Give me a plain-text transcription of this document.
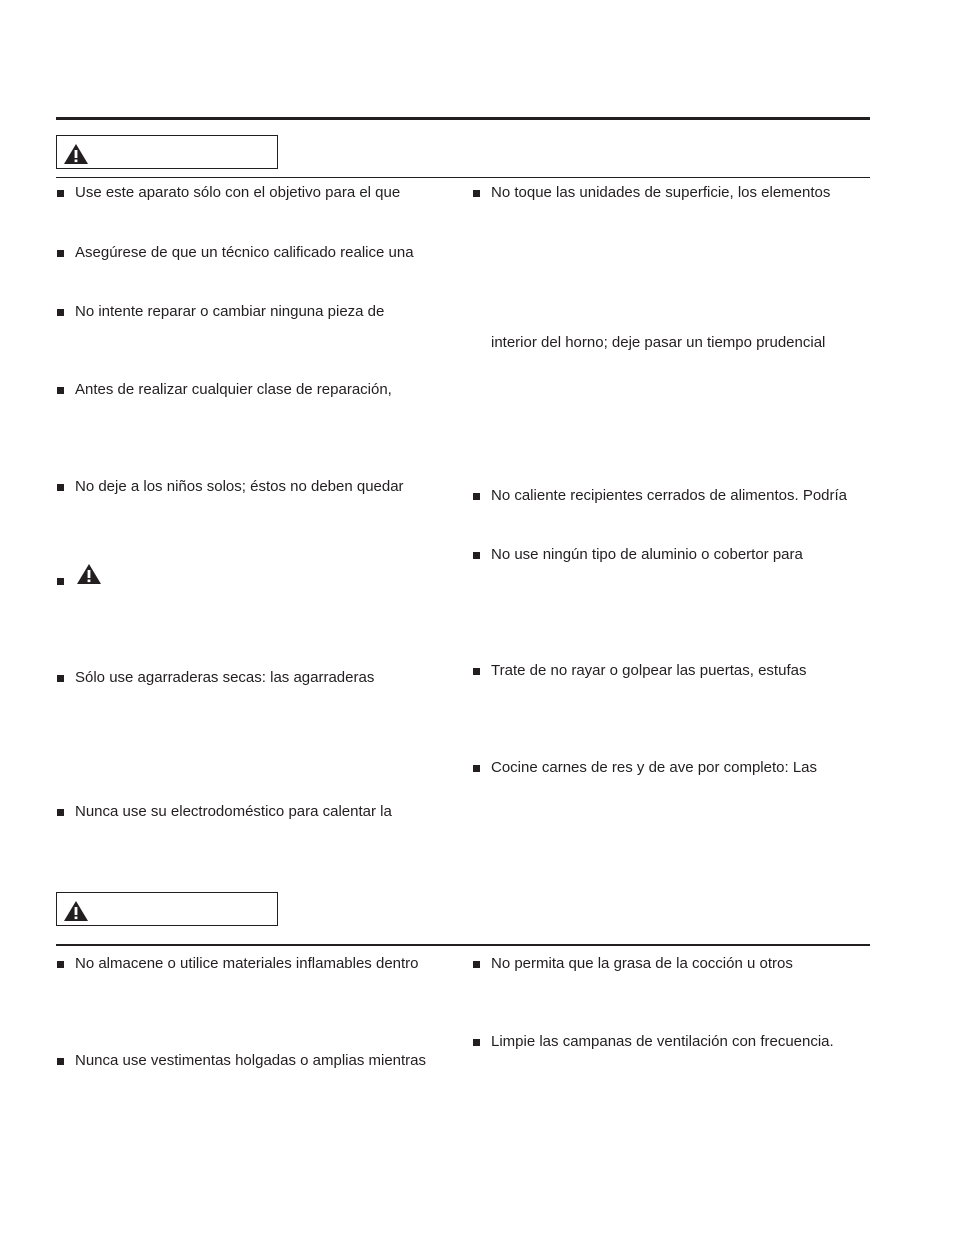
Use este aparato sólo con el objetivo para el que
Asegúrese de que un técnico calificado realice una
No intente reparar o cambiar ninguna pieza de
Antes de realizar cualquier clase de reparación,
No deje a los niños solos; éstos no deben quedar
Sólo use agarraderas secas: las agarraderas
Nunca use su electrodoméstico para calentar la
No toque las unidades de superficie, los elementos
interior del horno; deje pasar un tiempo prudencial
No caliente recipientes cerrados de alimentos. Podría
No use ningún tipo de aluminio o cobertor para
Trate de no rayar o golpear las puertas, estufas
Cocine carnes de res y de ave por completo: Las
No almacene o utilice materiales inflamables dentro
Nunca use vestimentas holgadas o amplias mientras
No permita que la grasa de la cocción u otros
Limpie las campanas de ventilación con frecuencia.
